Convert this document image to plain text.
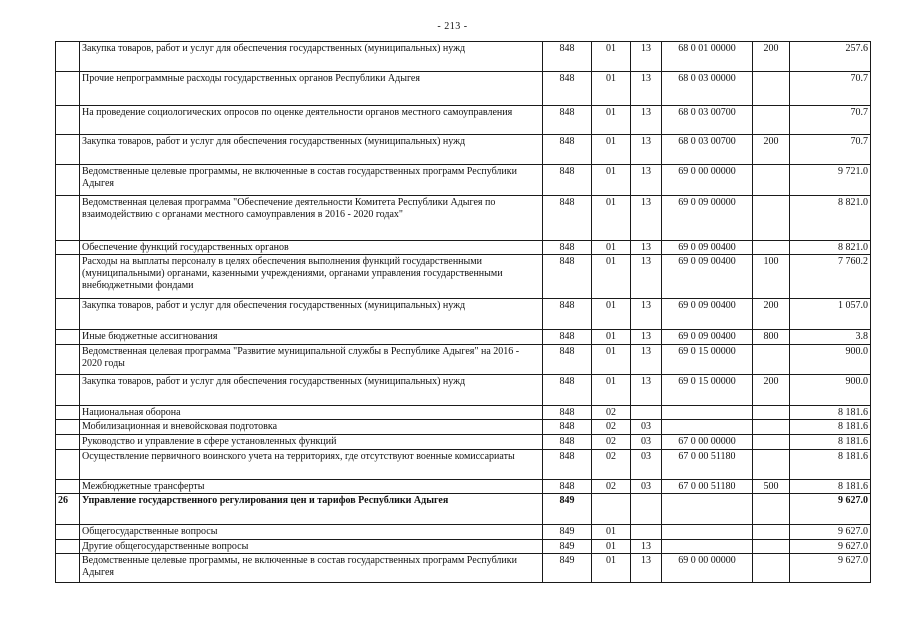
- 213 -
	Закупка товаров, работ и услуг для обеспечения государственных (муниципальных) нужд	848	01	13	68 0 01 00000	200	257.6
	Прочие непрограммные расходы государственных органов Республики Адыгея	848	01	13	68 0 03 00000		70.7
	На проведение социологических опросов по оценке деятельности органов местного самоуправления	848	01	13	68 0 03 00700		70.7
	Закупка товаров, работ и услуг для обеспечения государственных (муниципальных) нужд	848	01	13	68 0 03 00700	200	70.7
	Ведомственные целевые программы, не включенные в состав государственных программ Республики Адыгея	848	01	13	69 0 00 00000		9 721.0
	Ведомственная целевая программа "Обеспечение деятельности Комитета Республики Адыгея по взаимодействию с органами местного самоуправления в 2016 - 2020 годах"	848	01	13	69 0 09 00000		8 821.0
	Обеспечение функций государственных органов	848	01	13	69 0 09 00400		8 821.0
	Расходы на выплаты персоналу в целях обеспечения выполнения функций государственными (муниципальными) органами, казенными учреждениями, органами управления государственными внебюджетными фондами	848	01	13	69 0 09 00400	100	7 760.2
	Закупка товаров, работ и услуг для обеспечения государственных (муниципальных) нужд	848	01	13	69 0 09 00400	200	1 057.0
	Иные бюджетные ассигнования	848	01	13	69 0 09 00400	800	3.8
	Ведомственная целевая программа "Развитие муниципальной службы в Республике Адыгея" на 2016 - 2020 годы	848	01	13	69 0 15 00000		900.0
	Закупка товаров, работ и услуг для обеспечения государственных (муниципальных) нужд	848	01	13	69 0 15 00000	200	900.0
	Национальная оборона	848	02				8 181.6
	Мобилизационная и вневойсковая подготовка	848	02	03			8 181.6
	Руководство и управление в сфере установленных функций	848	02	03	67 0 00 00000		8 181.6
	Осуществление первичного воинского учета на территориях, где отсутствуют военные комиссариаты	848	02	03	67 0 00 51180		8 181.6
	Межбюджетные трансферты	848	02	03	67 0 00 51180	500	8 181.6
26	Управление государственного регулирования цен и тарифов Республики Адыгея	849					9 627.0
	Общегосударственные вопросы	849	01				9 627.0
	Другие общегосударственные вопросы	849	01	13			9 627.0
	Ведомственные целевые программы, не включенные в состав государственных программ Республики Адыгея	849	01	13	69 0 00 00000		9 627.0
